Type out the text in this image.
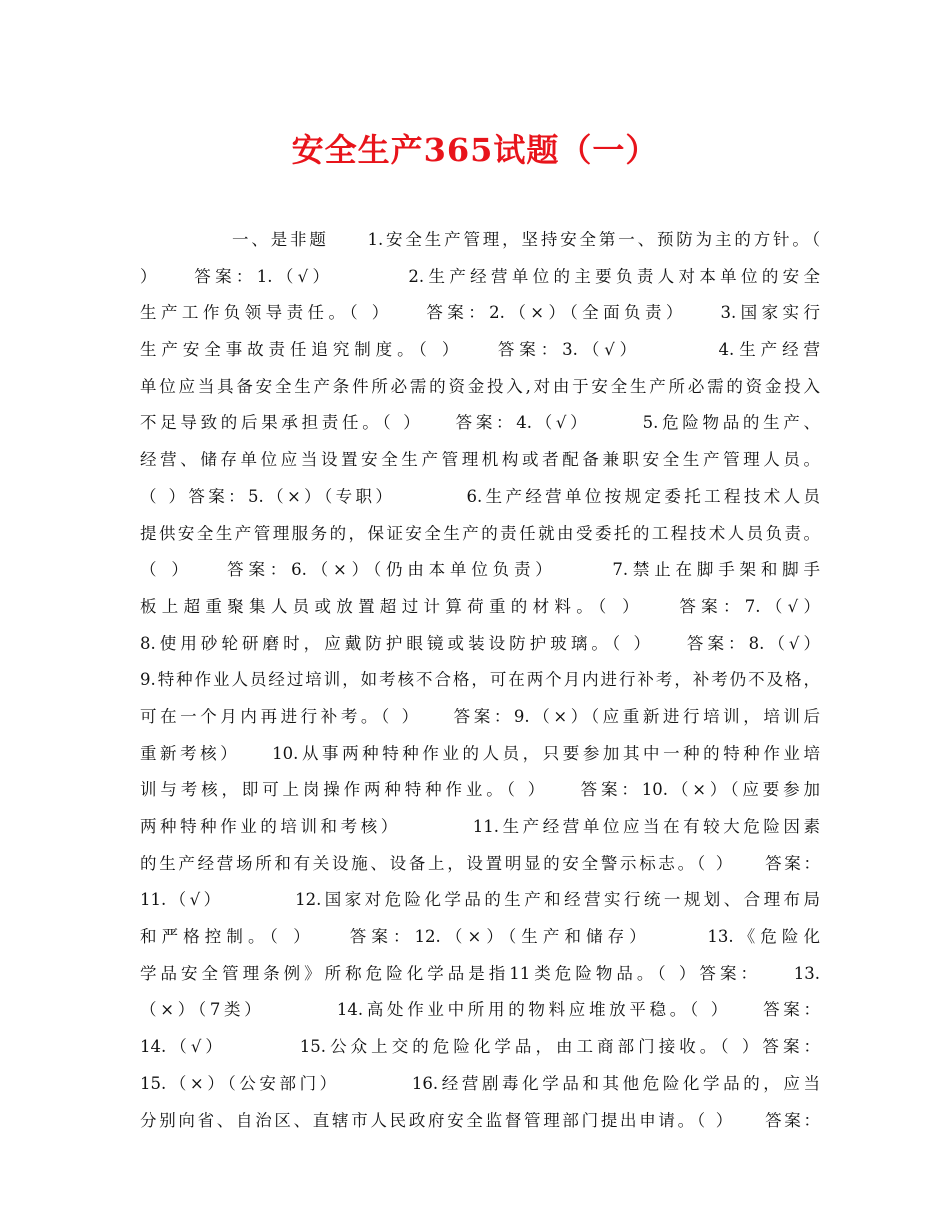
安全生产365试题（一）
一、是非题　　1.安全生产管理，坚持安全第一、预防为主的方针。（
）　　答案：1.（√）　　　　2.生产经营单位的主要负责人对本单位的安全
生产工作负领导责任。（ ）　　答案：2.（×）（全面负责）　　3.国家实行
生产安全事故责任追究制度。（ ）　　答案：3.（√）　　　　4.生产经营
单位应当具备安全生产条件所必需的资金投入,对由于安全生产所必需的资金投入
不足导致的后果承担责任。（ ）　　答案：4.（√）　　　5.危险物品的生产、
经营、储存单位应当设置安全生产管理机构或者配备兼职安全生产管理人员。
（ ）答案：5.（×）（专职）　　　　6.生产经营单位按规定委托工程技术人员
提供安全生产管理服务的，保证安全生产的责任就由受委托的工程技术人员负责。
（ ）　　答案：6.（×）（仍由本单位负责）　　　7.禁止在脚手架和脚手
板上超重聚集人员或放置超过计算荷重的材料。（ ）　　答案：7.（√）
8.使用砂轮研磨时，应戴防护眼镜或装设防护玻璃。（ ）　　答案：8.（√）
9.特种作业人员经过培训，如考核不合格，可在两个月内进行补考，补考仍不及格，
可在一个月内再进行补考。（ ）　　答案：9.（×）（应重新进行培训，培训后
重新考核）　　10.从事两种特种作业的人员，只要参加其中一种的特种作业培
训与考核，即可上岗操作两种特种作业。（ ）　　答案：10.（×）（应要参加
两种特种作业的培训和考核）　　　　11.生产经营单位应当在有较大危险因素
的生产经营场所和有关设施、设备上，设置明显的安全警示标志。（ ）　　答案：
11.（√）　　　　12.国家对危险化学品的生产和经营实行统一规划、合理布局
和严格控制。（ ）　　答案：12.（×）（生产和储存）　　　13.《危险化
学品安全管理条例》所称危险化学品是指11类危险物品。（ ）答案：　　13.
（×）（7类）　　　　14.高处作业中所用的物料应堆放平稳。（ ）　　答案：
14.（√）　　　　15.公众上交的危险化学品，由工商部门接收。（ ）答案：
15.（×）（公安部门）　　　　16.经营剧毒化学品和其他危险化学品的，应当
分别向省、自治区、直辖市人民政府安全监督管理部门提出申请。（ ）　　答案：
